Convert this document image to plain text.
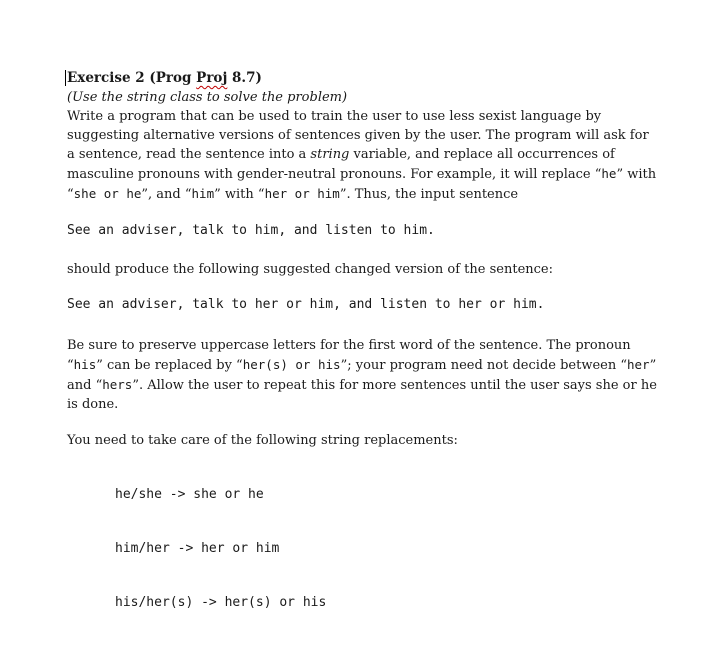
Exercise 2 (Prog Proj 8.7)
(Use the string class to solve the problem)

Write a program that can be used to train the user to use less sexist language by suggesting alternative versions of sentences given by the user. The program will ask for a sentence, read the sentence into a string variable, and replace all occurrences of masculine pronouns with gender-neutral pronouns. For example, it will replace “he” with “she or he”, and “him” with “her or him”. Thus, the input sentence

See an adviser, talk to him, and listen to him.
should produce the following suggested changed version of the sentence:
See an adviser, talk to her or him, and listen to her or him.

Be sure to preserve uppercase letters for the first word of the sentence. The pronoun “his” can be replaced by “her(s) or his”; your program need not decide between “her” and “hers”. Allow the user to repeat this for more sentences until the user says she or he is done.

You need to take care of the following string replacements:

he/she -> she or he

him/her -> her or him

his/her(s) -> her(s) or his
